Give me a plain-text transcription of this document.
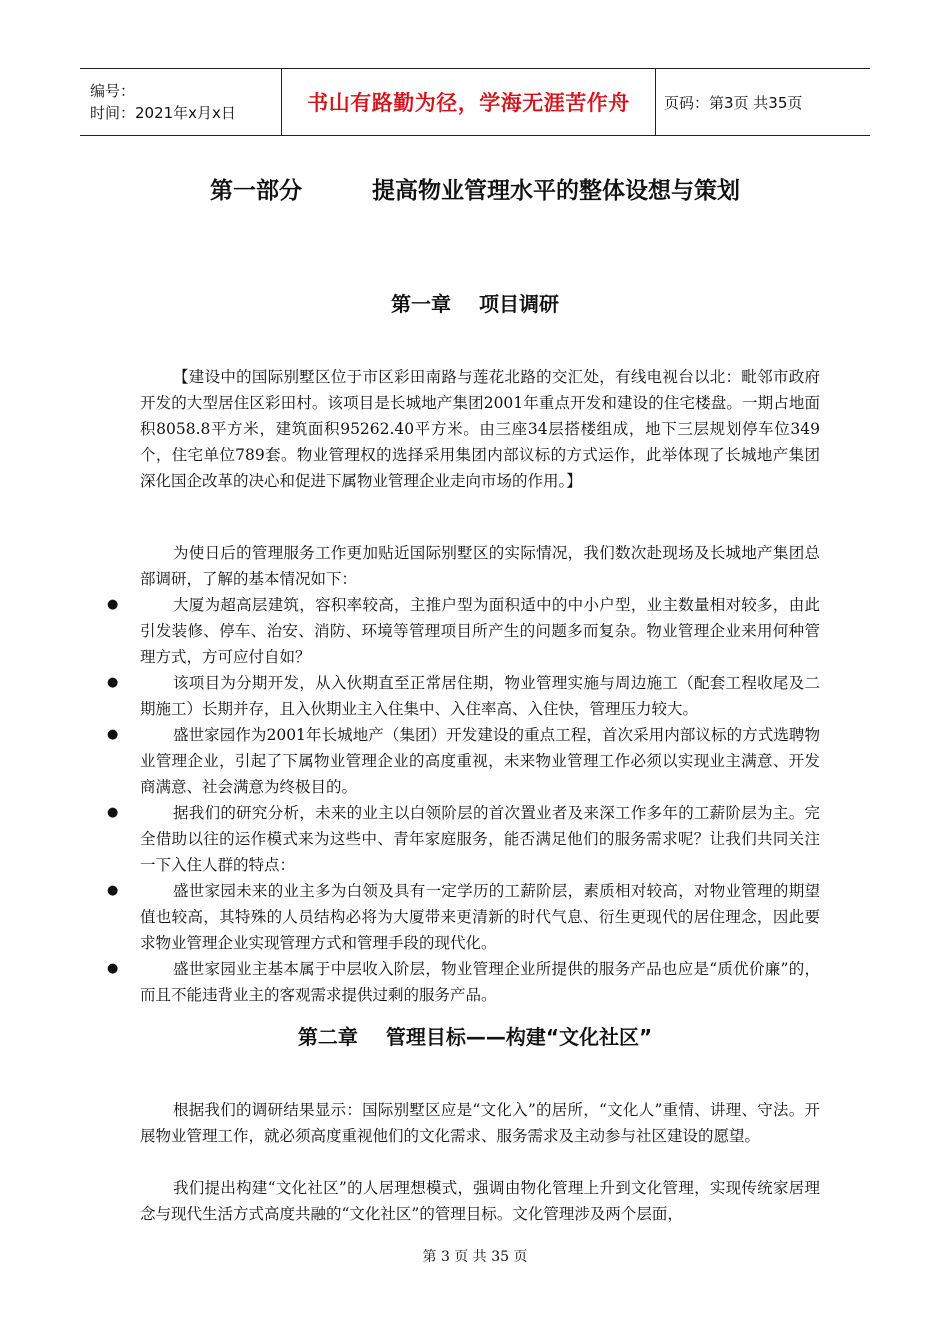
编号：
时间：2021年x月x日	书山有路勤为径，学海无涯苦作舟 页码：第3页 共35页
第一部分	提高物业管理水平的整体设想与策划
第一章 项目调研
【建设中的国际别墅区位于市区彩田南路与莲花北路的交汇处，有线电视台以北：毗邻市政府开发的大型居住区彩田村。该项目是长城地产集团2001年重点开发和建设的住宅楼盘。一期占地面积8058.8平方米，建筑面积95262.40平方米。由三座34层搭楼组成，地下三层规划停车位349个，住宅单位789套。物业管理权的选择采用集团内部议标的方式运作，此举体现了长城地产集团深化国企改革的决心和促进下属物业管理企业走向市场的作用。】
为使日后的管理服务工作更加贴近国际别墅区的实际情况，我们数次赴现场及长城地产集团总部调研，了解的基本情况如下：
●	大厦为超高层建筑，容积率较高，主推户型为面积适中的中小户型，业主数量相对较多，由此引发装修、停车、治安、消防、环境等管理项目所产生的问题多而复杂。物业管理企业来用何种管理方式，方可应付自如？
●	该项目为分期开发，从入伙期直至正常居住期，物业管理实施与周边施工（配套工程收尾及二期施工）长期并存，且入伙期业主入住集中、入住率高、入住快，管理压力较大。
●	盛世家园作为2001年长城地产（集团）开发建设的重点工程，首次采用内部议标的方式选聘物业管理企业，引起了下属物业管理企业的高度重视，未来物业管理工作必须以实现业主满意、开发商满意、社会满意为终极目的。
●	据我们的研究分析，未来的业主以白领阶层的首次置业者及来深工作多年的工薪阶层为主。完全借助以往的运作模式来为这些中、青年家庭服务，能否满足他们的服务需求呢？让我们共同关注一下入住人群的特点：
●	盛世家园未来的业主多为白领及具有一定学历的工薪阶层，素质相对较高，对物业管理的期望值也较高，其特殊的人员结构必将为大厦带来更清新的时代气息、衍生更现代的居住理念，因此要求物业管理企业实现管理方式和管理手段的现代化。
●	盛世家园业主基本属于中层收入阶层，物业管理企业所提供的服务产品也应是“质优价廉”的，而且不能违背业主的客观需求提供过剩的服务产品。
第二章 管理目标——构建“文化社区”
根据我们的调研结果显示：国际别墅区应是“文化入”的居所，“文化人”重情、讲理、守法。开展物业管理工作，就必须高度重视他们的文化需求、服务需求及主动参与社区建设的愿望。
我们提出构建“文化社区”的人居理想模式，强调由物化管理上升到文化管理，实现传统家居理念与现代生活方式高度共融的“文化社区”的管理目标。文化管理涉及两个层面，
第 3 页 共 35 页
